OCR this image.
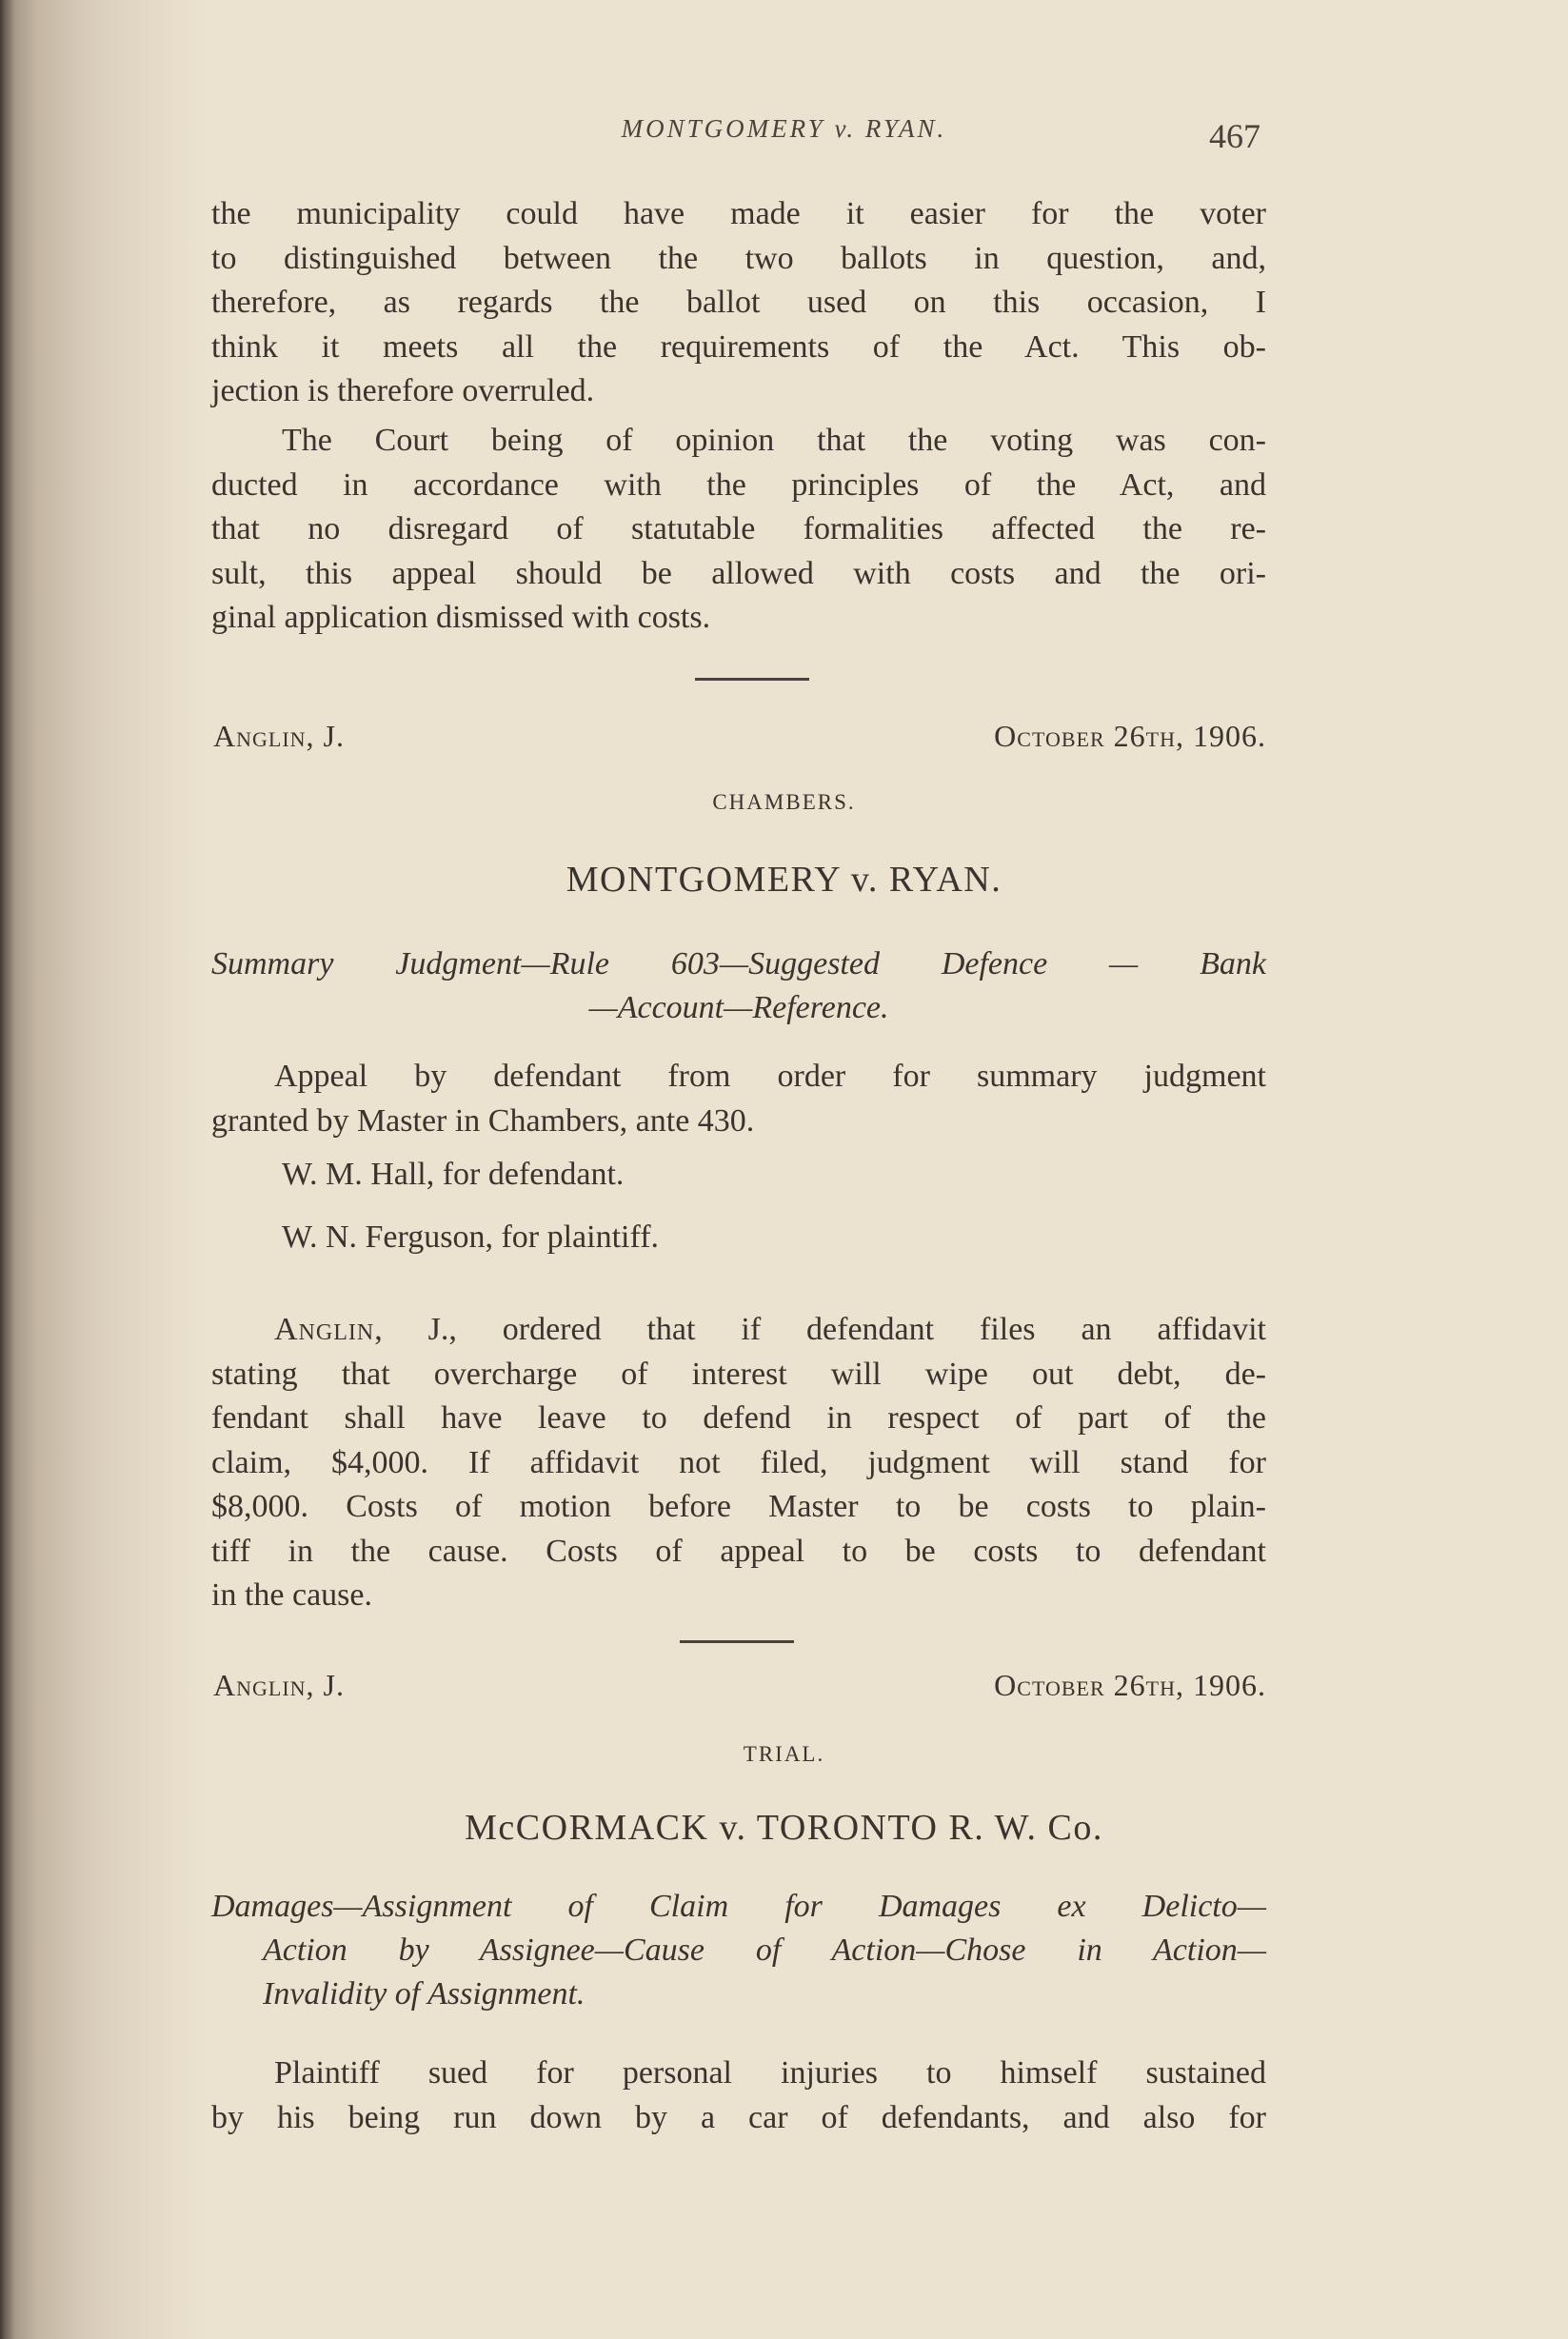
MONTGOMERY v. RYAN.	467
the municipality could have made it easier for the voter
to distinguished between the two ballots in question, and,
therefore, as regards the ballot used on this occasion, I
think it meets all the requirements of the Act. This ob-
jection is therefore overruled.
The Court being of opinion that the voting was con-
ducted in accordance with the principles of the Act, and
that no disregard of statutable formalities affected the re-
sult, this appeal should be allowed with costs and the ori-
ginal application dismissed with costs.
Anglin, J.	October 26th, 1906.
CHAMBERS.
MONTGOMERY v. RYAN.
Summary Judgment—Rule 603—Suggested Defence — Bank
—Account—Reference.
Appeal by defendant from order for summary judgment
granted by Master in Chambers, ante 430.
W. M. Hall, for defendant.
W. N. Ferguson, for plaintiff.
Anglin, J., ordered that if defendant files an affidavit
stating that overcharge of interest will wipe out debt, de-
fendant shall have leave to defend in respect of part of the
claim, $4,000. If affidavit not filed, judgment will stand for
$8,000. Costs of motion before Master to be costs to plain-
tiff in the cause. Costs of appeal to be costs to defendant
in the cause.
Anglin, J.	October 26th, 1906.
TRIAL.
McCORMACK v. TORONTO R. W. Co.
Damages—Assignment of Claim for Damages ex Delicto—
Action by Assignee—Cause of Action—Chose in Action—
Invalidity of Assignment.
Plaintiff sued for personal injuries to himself sustained
by his being run down by a car of defendants, and also for
